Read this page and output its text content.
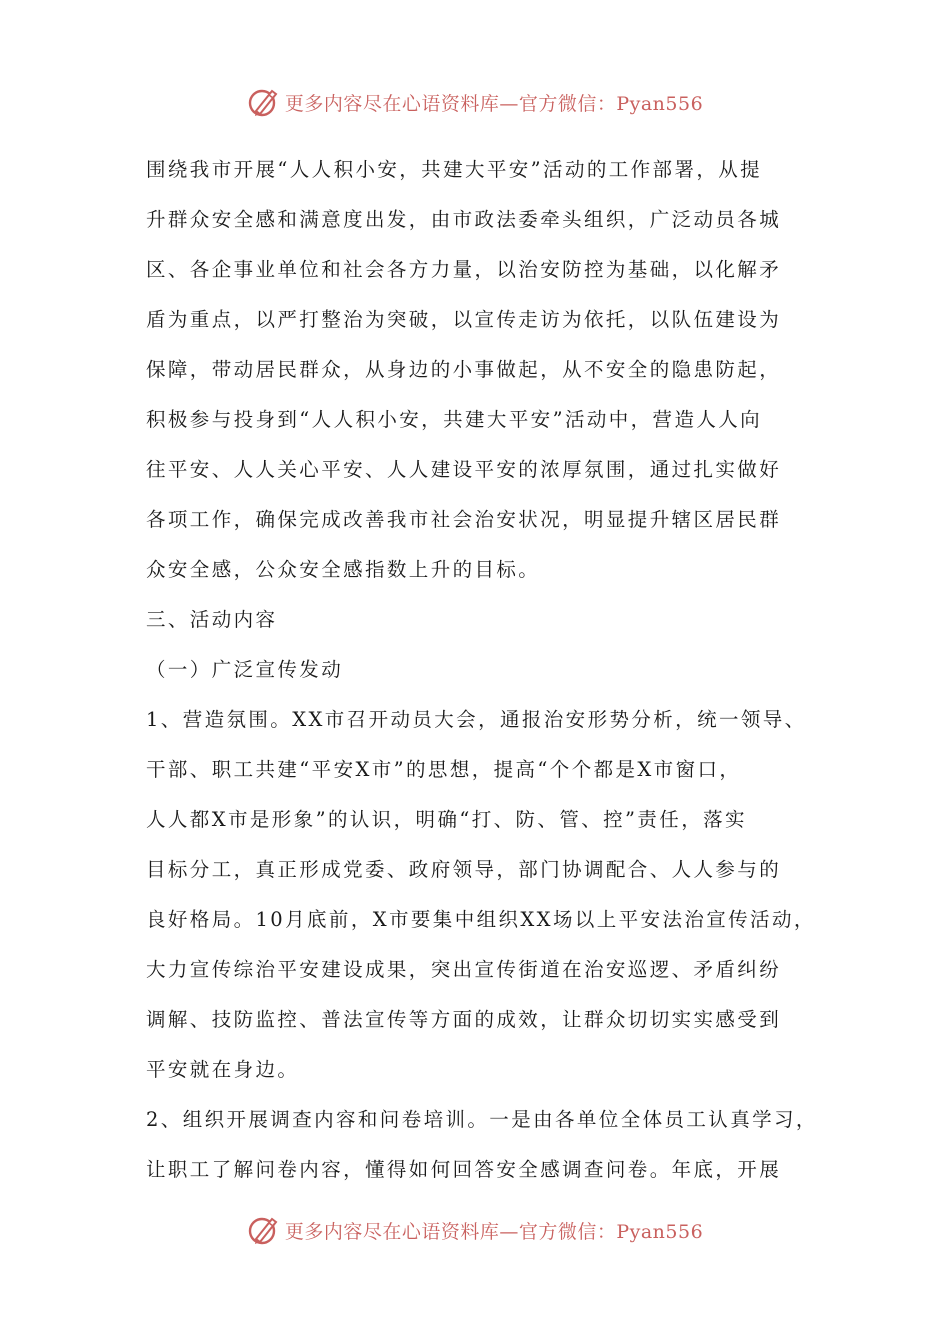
更多内容尽在心语资料库—官方微信：Pyan556
围绕我市开展“人人积小安，共建大平安”活动的工作部署，从提
升群众安全感和满意度出发，由市政法委牵头组织，广泛动员各城
区、各企事业单位和社会各方力量，以治安防控为基础，以化解矛
盾为重点，以严打整治为突破，以宣传走访为依托，以队伍建设为
保障，带动居民群众，从身边的小事做起，从不安全的隐患防起，
积极参与投身到“人人积小安，共建大平安”活动中，营造人人向
往平安、人人关心平安、人人建设平安的浓厚氛围，通过扎实做好
各项工作，确保完成改善我市社会治安状况，明显提升辖区居民群
众安全感，公众安全感指数上升的目标。
三、活动内容
（一）广泛宣传发动
1、营造氛围。XX市召开动员大会，通报治安形势分析，统一领导、
干部、职工共建“平安X市”的思想，提高“个个都是X市窗口，
人人都X市是形象”的认识，明确“打、防、管、控”责任，落实
目标分工，真正形成党委、政府领导，部门协调配合、人人参与的
良好格局。10月底前，X市要集中组织XX场以上平安法治宣传活动，
大力宣传综治平安建设成果，突出宣传街道在治安巡逻、矛盾纠纷
调解、技防监控、普法宣传等方面的成效，让群众切切实实感受到
平安就在身边。
2、组织开展调查内容和问卷培训。一是由各单位全体员工认真学习，
让职工了解问卷内容，懂得如何回答安全感调查问卷。年底，开展
更多内容尽在心语资料库—官方微信：Pyan556
